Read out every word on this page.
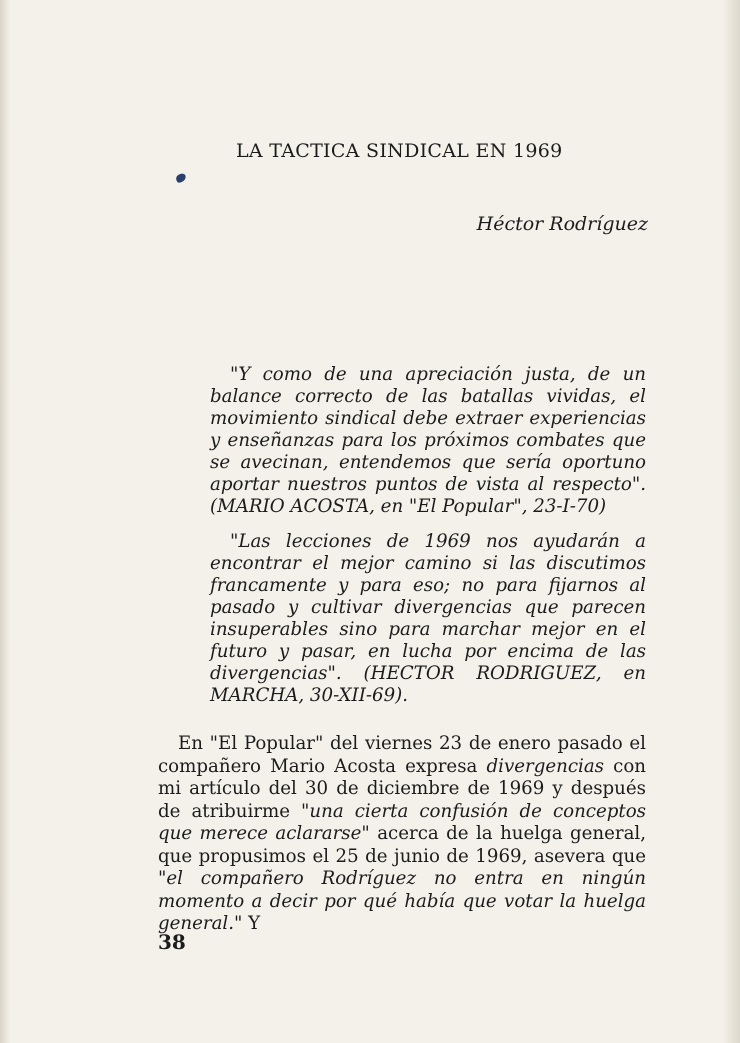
LA TACTICA SINDICAL EN 1969
Héctor Rodríguez

"Y como de una apreciación justa, de un balance correcto de las batallas vividas, el movimiento sindical debe extraer experiencias y enseñanzas para los próximos combates que se avecinan, entendemos que sería oportuno aportar nuestros puntos de vista al respecto". (MARIO ACOSTA, en "El Popular", 23-I-70)

"Las lecciones de 1969 nos ayudarán a encontrar el mejor camino si las discutimos francamente y para eso; no para fijarnos al pasado y cultivar divergencias que parecen insuperables sino para marchar mejor en el futuro y pasar, en lucha por encima de las divergencias". (HECTOR RODRIGUEZ, en MARCHA, 30-XII-69).

En "El Popular" del viernes 23 de enero pasado el compañero Mario Acosta expresa divergencias con mi artículo del 30 de diciembre de 1969 y después de atribuirme "una cierta confusión de conceptos que merece aclararse" acerca de la huelga general, que propusimos el 25 de junio de 1969, asevera que "el compañero Rodríguez no entra en ningún momento a decir por qué había que votar la huelga general." Y

38
